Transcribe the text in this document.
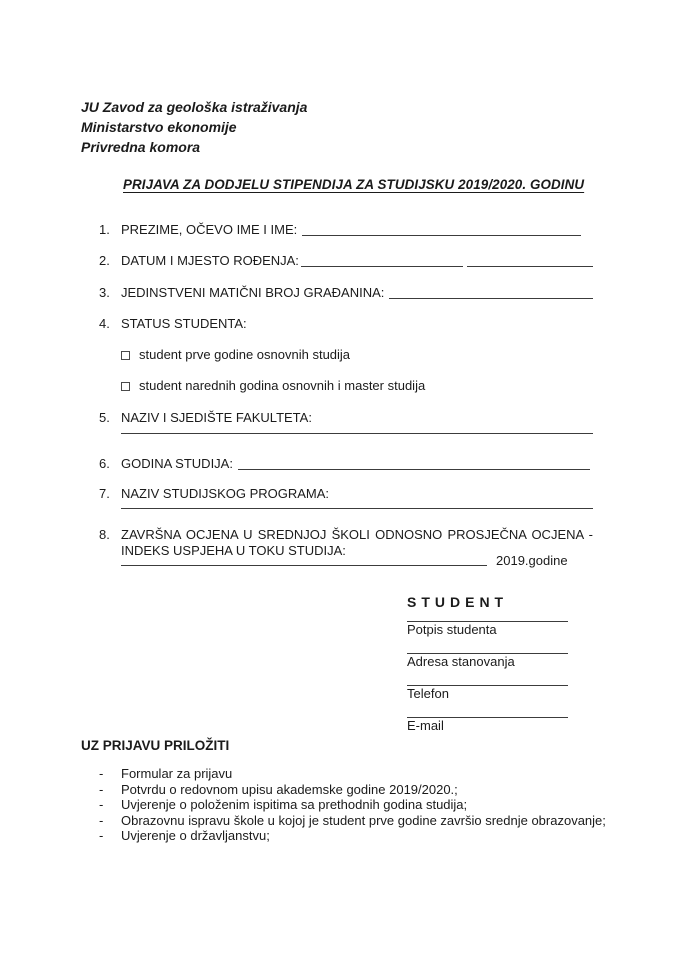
JU Zavod za geološka istraživanja
Ministarstvo ekonomije
Privredna komora
PRIJAVA ZA DODJELU STIPENDIJA ZA STUDIJSKU 2019/2020. GODINU
1. PREZIME, OČEVO IME I IME:
2. DATUM I MJESTO ROĐENJA:
3. JEDINSTVENI MATIČNI BROJ GRAĐANINA:
4. STATUS STUDENTA:
student prve godine osnovnih studija
student narednih godina osnovnih i master studija
5. NAZIV I SJEDIŠTE FAKULTETA:
6. GODINA STUDIJA:
7. NAZIV STUDIJSKOG PROGRAMA:
8. ZAVRŠNA OCJENA U SREDNJOJ ŠKOLI ODNOSNO PROSJEČNA OCJENA -
INDEKS USPJEHA U TOKU STUDIJA:
2019.godine
STUDENT
Potpis studenta
Adresa stanovanja
Telefon
E-mail
UZ PRIJAVU PRILOŽITI
-	Formular za prijavu
-	Potvrdu o redovnom upisu akademske godine 2019/2020.;
-	Uvjerenje o položenim ispitima sa prethodnih godina studija;
-	Obrazovnu ispravu škole u kojoj je student prve godine završio srednje obrazovanje;
-	Uvjerenje o državljanstvu;
